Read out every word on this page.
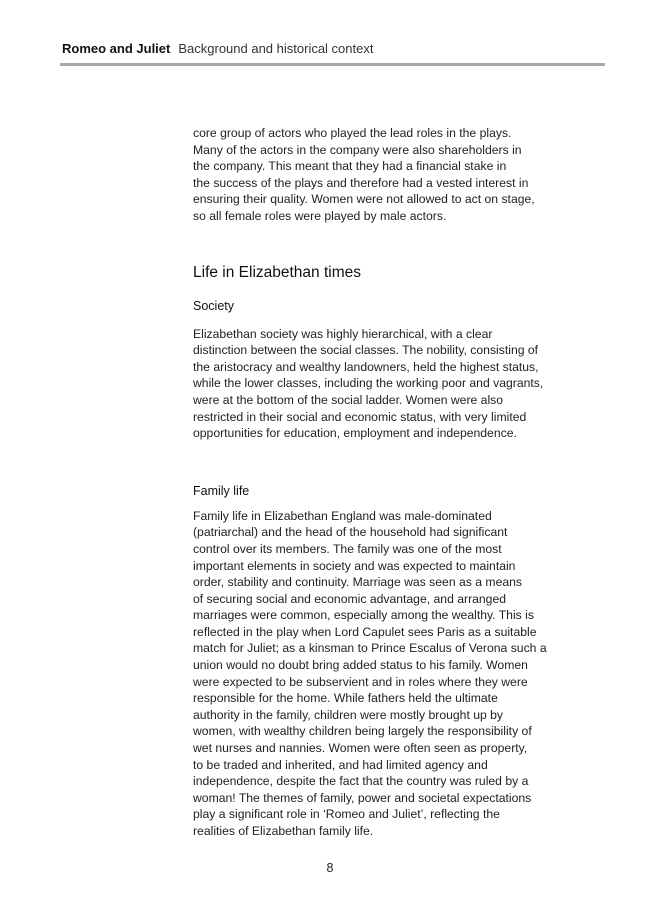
Romeo and Juliet Background and historical context

core group of actors who played the lead roles in the plays.
Many of the actors in the company were also shareholders in
the company. This meant that they had a financial stake in
the success of the plays and therefore had a vested interest in
ensuring their quality. Women were not allowed to act on stage,
so all female roles were played by male actors.

Life in Elizabethan times
Society

Elizabethan society was highly hierarchical, with a clear
distinction between the social classes. The nobility, consisting of
the aristocracy and wealthy landowners, held the highest status,
while the lower classes, including the working poor and vagrants,
were at the bottom of the social ladder. Women were also
restricted in their social and economic status, with very limited
opportunities for education, employment and independence.

Family life

Family life in Elizabethan England was male-dominated
(patriarchal) and the head of the household had significant
control over its members. The family was one of the most
important elements in society and was expected to maintain
order, stability and continuity. Marriage was seen as a means
of securing social and economic advantage, and arranged
marriages were common, especially among the wealthy. This is
reflected in the play when Lord Capulet sees Paris as a suitable
match for Juliet; as a kinsman to Prince Escalus of Verona such a
union would no doubt bring added status to his family. Women
were expected to be subservient and in roles where they were
responsible for the home. While fathers held the ultimate
authority in the family, children were mostly brought up by
women, with wealthy children being largely the responsibility of
wet nurses and nannies. Women were often seen as property,
to be traded and inherited, and had limited agency and
independence, despite the fact that the country was ruled by a
woman! The themes of family, power and societal expectations
play a significant role in ‘Romeo and Juliet’, reflecting the
realities of Elizabethan family life.

8
